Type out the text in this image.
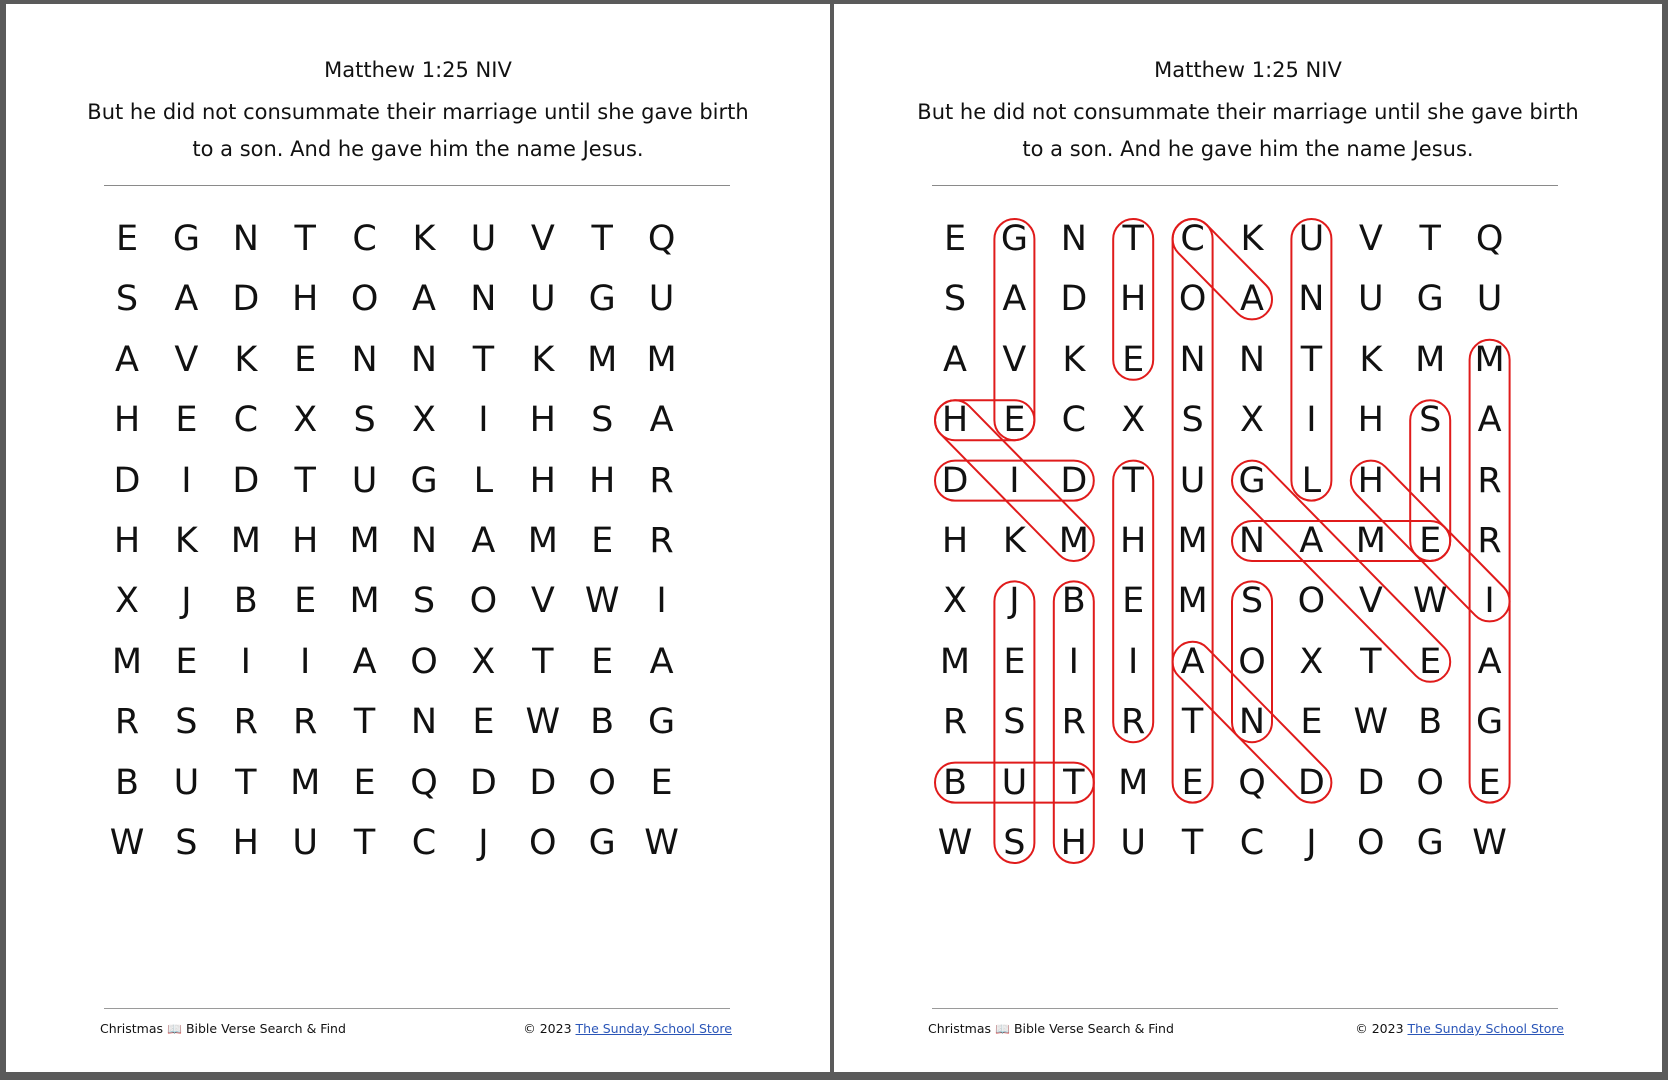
Matthew 1:25 NIV
But he did not consummate their marriage until she gave birth to a son. And he gave him the name Jesus.
E G N T C K U V T Q
S A D H O A N U G U
A V K E N N T K M M
H E C X S X	I	H S A
D	I	D T U G L H H R
H K M H M N A M E R
X	J	B E M S O V W	I
M E	I	I	A O X T E A
R S R R T N E W B G
B U T M E Q D D O E
W S H U T C	J	O G W
Christmas 📖 Bible Verse Search & Find	© 2023 The Sunday School Store
Matthew 1:25 NIV
But he did not consummate their marriage until she gave birth to a son. And he gave him the name Jesus.
E G N T C K U V T Q
S A D H O A N U G U
A V K E N N T K M M
H E C X S X	I	H S A
D	I	D T U G L H H R
H K M H M N A M E R
X	J	B E M S O V W	I
M E	I	I	A O X T E A
R S R R T N E W B G
B U T M E Q D D O E
W S H U T C	J	O G W
Christmas 📖 Bible Verse Search & Find	© 2023 The Sunday School Store
